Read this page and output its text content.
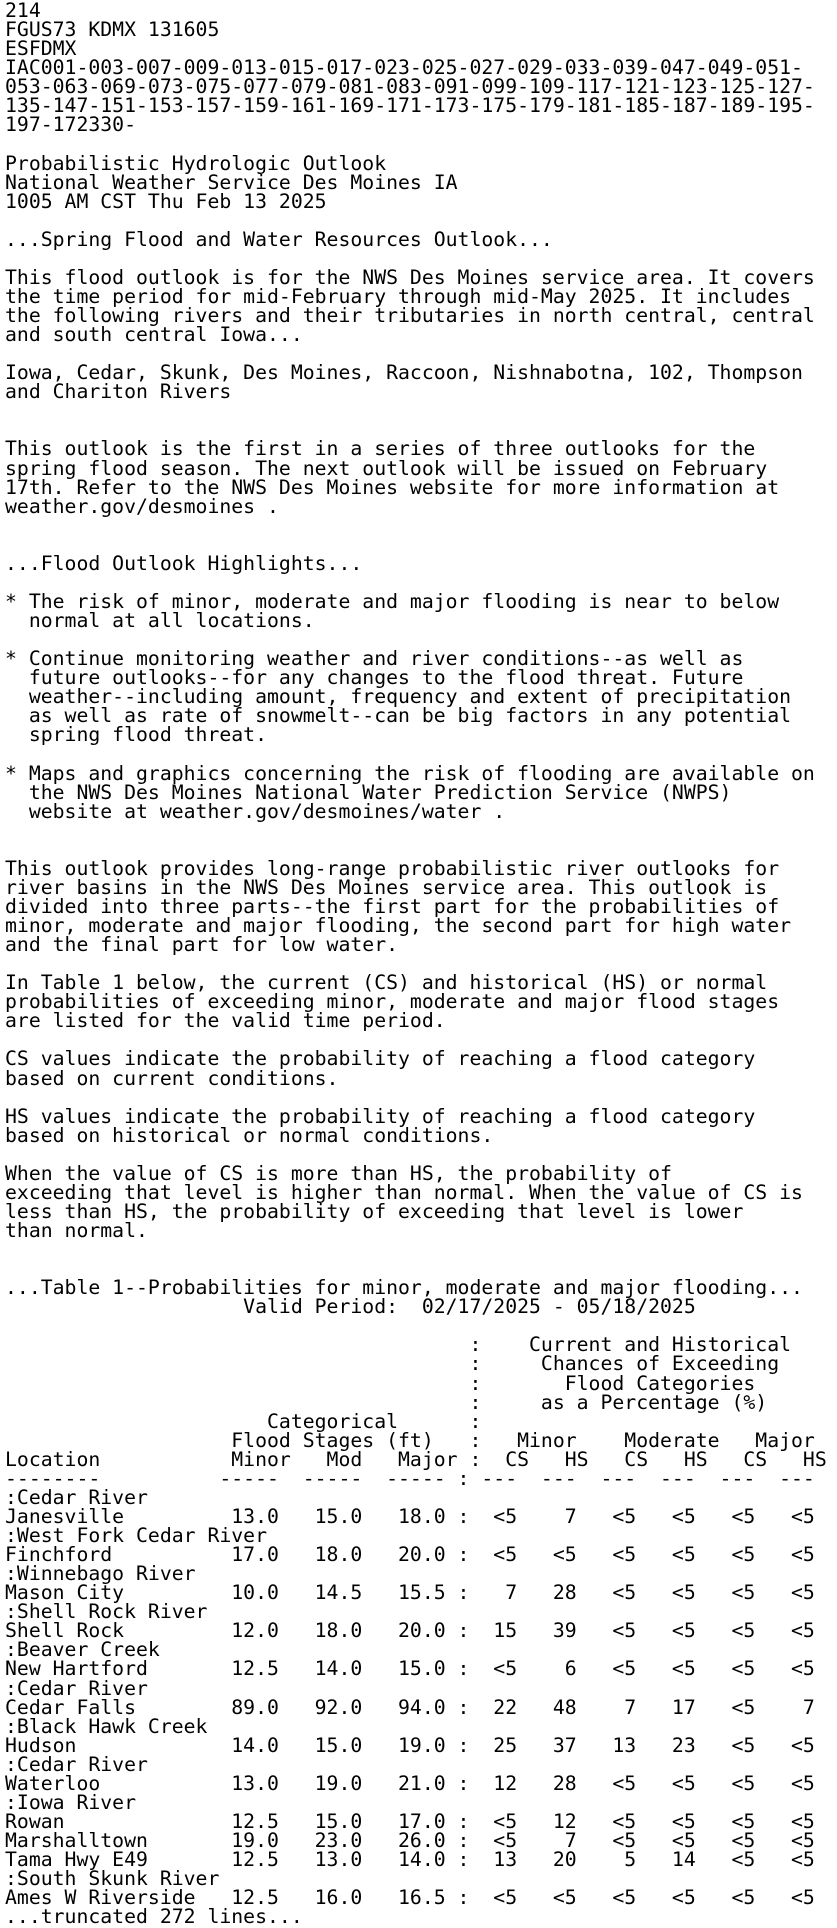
214
FGUS73 KDMX 131605
ESFDMX
IAC001-003-007-009-013-015-017-023-025-027-029-033-039-047-049-051-
053-063-069-073-075-077-079-081-083-091-099-109-117-121-123-125-127-
135-147-151-153-157-159-161-169-171-173-175-179-181-185-187-189-195-
197-172330-

Probabilistic Hydrologic Outlook
National Weather Service Des Moines IA
1005 AM CST Thu Feb 13 2025

...Spring Flood and Water Resources Outlook...

This flood outlook is for the NWS Des Moines service area. It covers
the time period for mid-February through mid-May 2025. It includes
the following rivers and their tributaries in north central, central
and south central Iowa...

Iowa, Cedar, Skunk, Des Moines, Raccoon, Nishnabotna, 102, Thompson
and Chariton Rivers

This outlook is the first in a series of three outlooks for the
spring flood season. The next outlook will be issued on February
17th. Refer to the NWS Des Moines website for more information at
weather.gov/desmoines .

...Flood Outlook Highlights...

* The risk of minor, moderate and major flooding is near to below
normal at all locations.

* Continue monitoring weather and river conditions--as well as
future outlooks--for any changes to the flood threat. Future
weather--including amount, frequency and extent of precipitation
as well as rate of snowmelt--can be big factors in any potential
spring flood threat.

* Maps and graphics concerning the risk of flooding are available on
the NWS Des Moines National Water Prediction Service (NWPS)
website at weather.gov/desmoines/water .

This outlook provides long-range probabilistic river outlooks for
river basins in the NWS Des Moines service area. This outlook is
divided into three parts--the first part for the probabilities of
minor, moderate and major flooding, the second part for high water
and the final part for low water.

In Table 1 below, the current (CS) and historical (HS) or normal
probabilities of exceeding minor, moderate and major flood stages
are listed for the valid time period.

CS values indicate the probability of reaching a flood category
based on current conditions.

HS values indicate the probability of reaching a flood category
based on historical or normal conditions.

When the value of CS is more than HS, the probability of
exceeding that level is higher than normal. When the value of CS is
less than HS, the probability of exceeding that level is lower
than normal.

...Table 1--Probabilities for minor, moderate and major flooding...
Valid Period:  02/17/2025 - 05/18/2025

:    Current and Historical
:     Chances of Exceeding
:       Flood Categories
:     as a Percentage (%)
Categorical      :
Flood Stages (ft)   :   Minor    Moderate   Major
Location           Minor   Mod   Major :  CS   HS   CS   HS   CS   HS
--------          -----  -----  ----- : ---  ---  ---  ---  ---  ---
:Cedar River
Janesville         13.0   15.0   18.0 :  <5    7   <5   <5   <5   <5
:West Fork Cedar River
Finchford          17.0   18.0   20.0 :  <5   <5   <5   <5   <5   <5
:Winnebago River
Mason City         10.0   14.5   15.5 :   7   28   <5   <5   <5   <5
:Shell Rock River
Shell Rock         12.0   18.0   20.0 :  15   39   <5   <5   <5   <5
:Beaver Creek
New Hartford       12.5   14.0   15.0 :  <5    6   <5   <5   <5   <5
:Cedar River
Cedar Falls        89.0   92.0   94.0 :  22   48    7   17   <5    7
:Black Hawk Creek
Hudson             14.0   15.0   19.0 :  25   37   13   23   <5   <5
:Cedar River
Waterloo           13.0   19.0   21.0 :  12   28   <5   <5   <5   <5
:Iowa River
Rowan              12.5   15.0   17.0 :  <5   12   <5   <5   <5   <5
Marshalltown       19.0   23.0   26.0 :  <5    7   <5   <5   <5   <5
Tama Hwy E49       12.5   13.0   14.0 :  13   20    5   14   <5   <5
:South Skunk River
Ames W Riverside   12.5   16.0   16.5 :  <5   <5   <5   <5   <5   <5
...truncated 272 lines...
